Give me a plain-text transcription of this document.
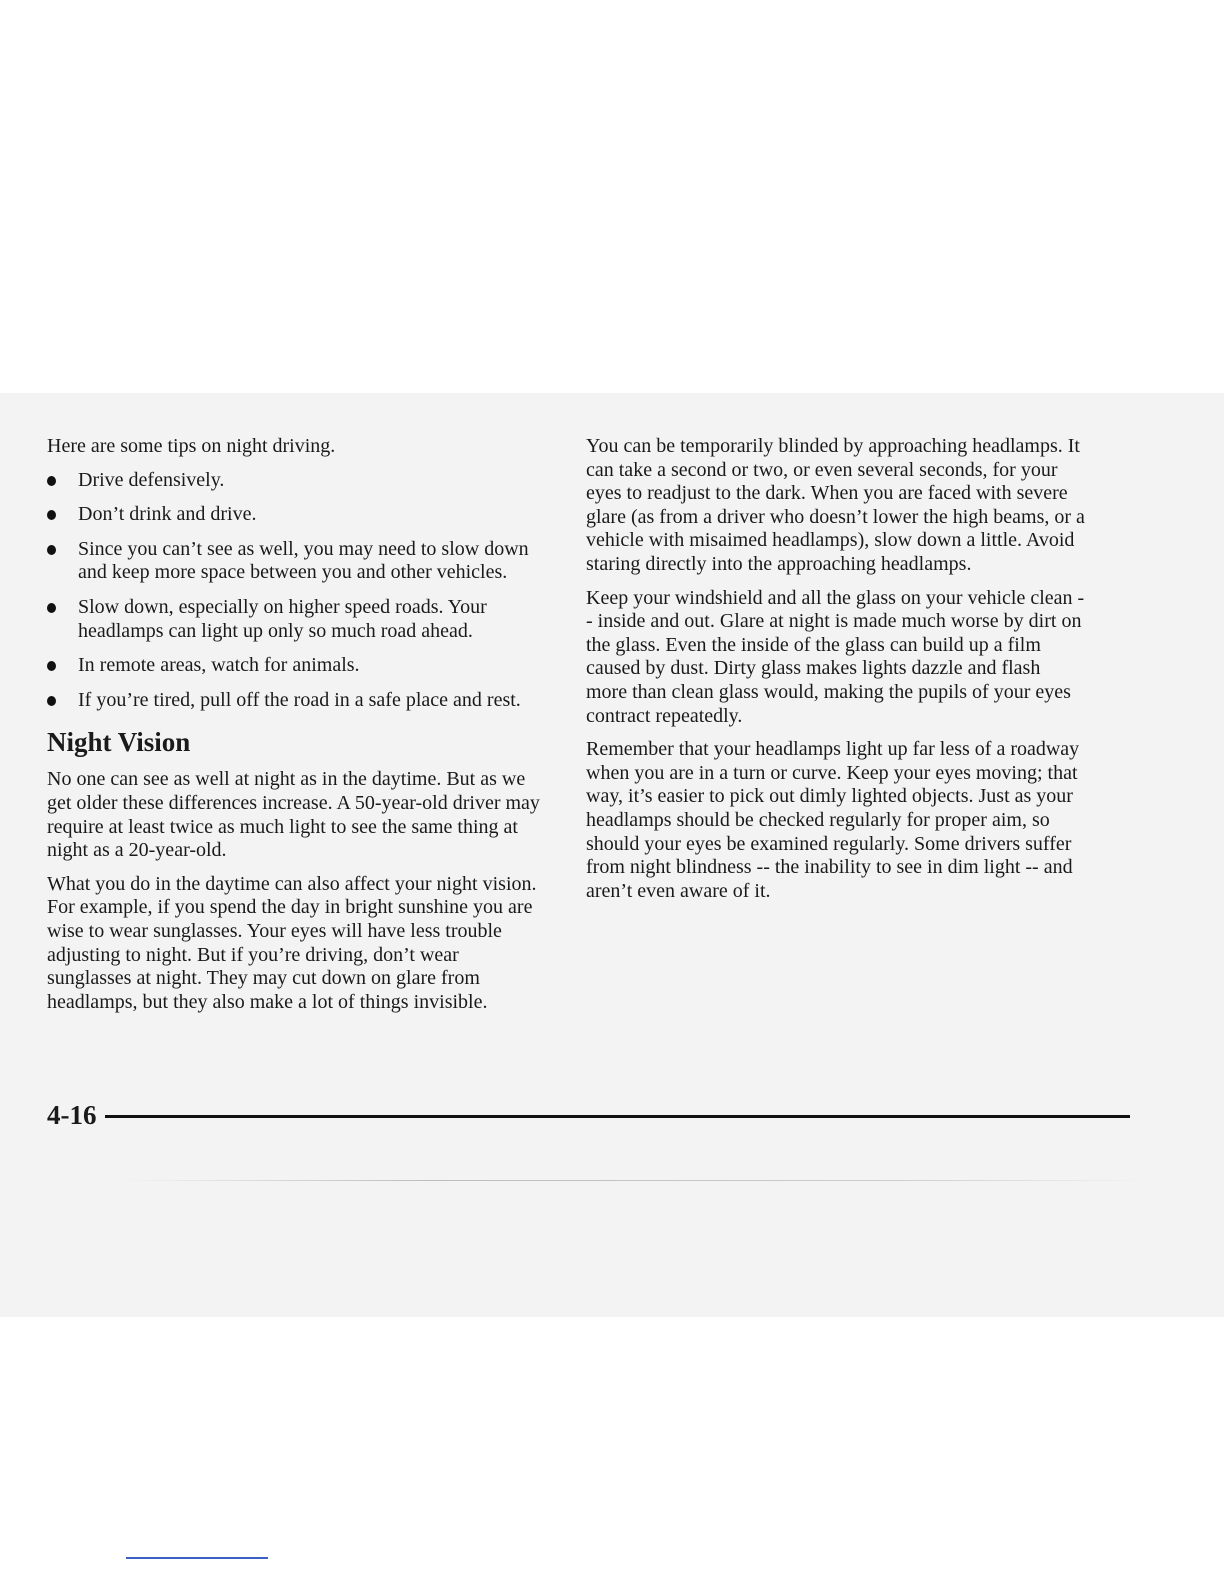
Here are some tips on night driving.

Drive defensively.
Don’t drink and drive.
Since you can’t see as well, you may need to slow down and keep more space between you and other vehicles.
Slow down, especially on higher speed roads. Your headlamps can light up only so much road ahead.
In remote areas, watch for animals.
If you’re tired, pull off the road in a safe place and rest.
Night Vision

No one can see as well at night as in the daytime. But as we get older these differences increase. A 50-year-old driver may require at least twice as much light to see the same thing at night as a 20-year-old.

What you do in the daytime can also affect your night vision. For example, if you spend the day in bright sunshine you are wise to wear sunglasses. Your eyes will have less trouble adjusting to night. But if you’re driving, don’t wear sunglasses at night. They may cut down on glare from headlamps, but they also make a lot of things invisible.

You can be temporarily blinded by approaching headlamps. It can take a second or two, or even several seconds, for your eyes to readjust to the dark. When you are faced with severe glare (as from a driver who doesn’t lower the high beams, or a vehicle with misaimed headlamps), slow down a little. Avoid staring directly into the approaching headlamps.

Keep your windshield and all the glass on your vehicle clean -- inside and out. Glare at night is made much worse by dirt on the glass. Even the inside of the glass can build up a film caused by dust. Dirty glass makes lights dazzle and flash more than clean glass would, making the pupils of your eyes contract repeatedly.

Remember that your headlamps light up far less of a roadway when you are in a turn or curve. Keep your eyes moving; that way, it’s easier to pick out dimly lighted objects. Just as your headlamps should be checked regularly for proper aim, so should your eyes be examined regularly. Some drivers suffer from night blindness -- the inability to see in dim light -- and aren’t even aware of it.

4-16
